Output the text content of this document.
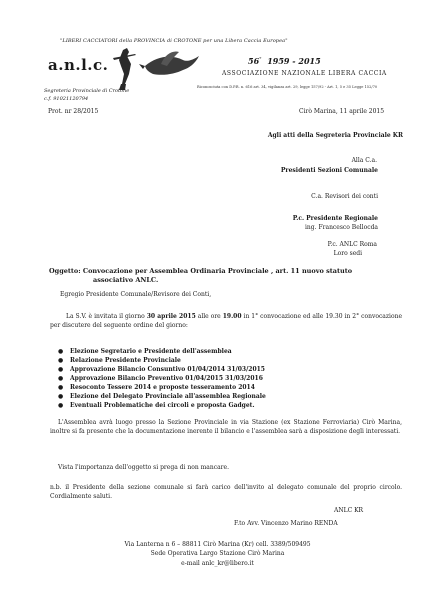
"LIBERI CACCIATORI della PROVINCIA di CROTONE per una Libera Caccia Europea"
a.n.l.c.	56° 1959 - 2015
ASSOCIAZIONE NAZIONALE LIBERA CACCIA
Riconosciuta con D.P.R. n. 616 art. 34, vigilanza art. 29, legge 157/92 - Art. 1, 5 e 35 Legge 152/70
Segreteria Provinciale di Crotone
c.f. 91021120794
Prot. nr 28/2015	Cirò Marina, 11 aprile 2015
Agli atti della Segreteria Provinciale KR
Alla C.a.
Presidenti Sezioni Comunale
C.a. Revisori dei conti
P.c. Presidente Regionale
ing. Francesco Bellocda
P.c. ANLC Roma
Loro sedi
Oggetto: Convocazione per Assemblea Ordinaria Provinciale , art. 11 nuovo statuto
associativo ANLC.
Egregio Presidente Comunale/Revisore dei Conti,
La S.V. è invitata il giorno 30 aprile 2015 alle ore 19.00 in 1° convocazione ed alle 19.30 in 2° convocazione per discutere del seguente ordine del giorno:
● Elezione Segretario e Presidente dell'assemblea
● Relazione Presidente Provinciale
● Approvazione Bilancio Consuntivo 01/04/2014 31/03/2015
● Approvazione Bilancio Preventivo 01/04/2015 31/03/2016
● Resoconto Tessere 2014 e proposte tesseramento 2014
● Elezione del Delegato Provinciale all'assemblea Regionale
● Eventuali Problematiche dei circoli e proposta Gadget.
L'Assemblea avrà luogo presso la Sezione Provinciale in via Stazione (ex Stazione Ferroviaria) Cirò Marina, inoltre si fa presente che la documentazione inerente il bilancio e l'assemblea sarà a disposizione degli interessati.
Vista l'importanza dell'oggetto si prega di non mancare.
n.b. il Presidente della sezione comunale si farà carico dell'invito al delegato comunale del proprio circolo. Cordialmente saluti.
ANLC KR
F.to Avv. Vincenzo Marino RENDA
Via Lanterna n 6 – 88811 Cirò Marina (Kr) cell. 3389/509495
Sede Operativa Largo Stazione Cirò Marina
e-mail anlc_kr@libero.it
